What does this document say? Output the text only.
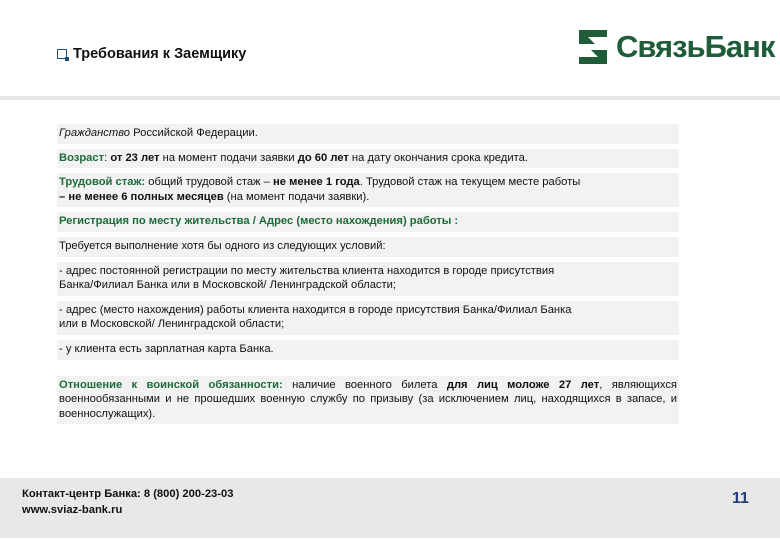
Требования к Заемщику	СвязьБанк
Гражданство Российской Федерации.
Возраст: от 23 лет на момент подачи заявки до 60 лет на дату окончания срока кредита.
Трудовой стаж: общий трудовой стаж – не менее 1 года. Трудовой стаж на текущем месте работы
– не менее 6 полных месяцев (на момент подачи заявки).
Регистрация по месту жительства / Адрес (место нахождения) работы :
Требуется выполнение хотя бы одного из следующих условий:
- адрес постоянной регистрации по месту жительства клиента находится в городе присутствия
Банка/Филиал Банка или в Московской/ Ленинградской области;
- адрес (место нахождения) работы клиента находится в городе присутствия Банка/Филиал Банка
или в Московской/ Ленинградской области;
- у клиента есть зарплатная карта Банка.
Отношение к воинской обязанности: наличие военного билета для лиц моложе 27 лет, являющихся военнообязанными и не прошедших военную службу по призыву (за исключением лиц, находящихся в запасе, и военнослужащих).
Контакт-центр Банка: 8 (800) 200-23-03
www.sviaz-bank.ru
11
